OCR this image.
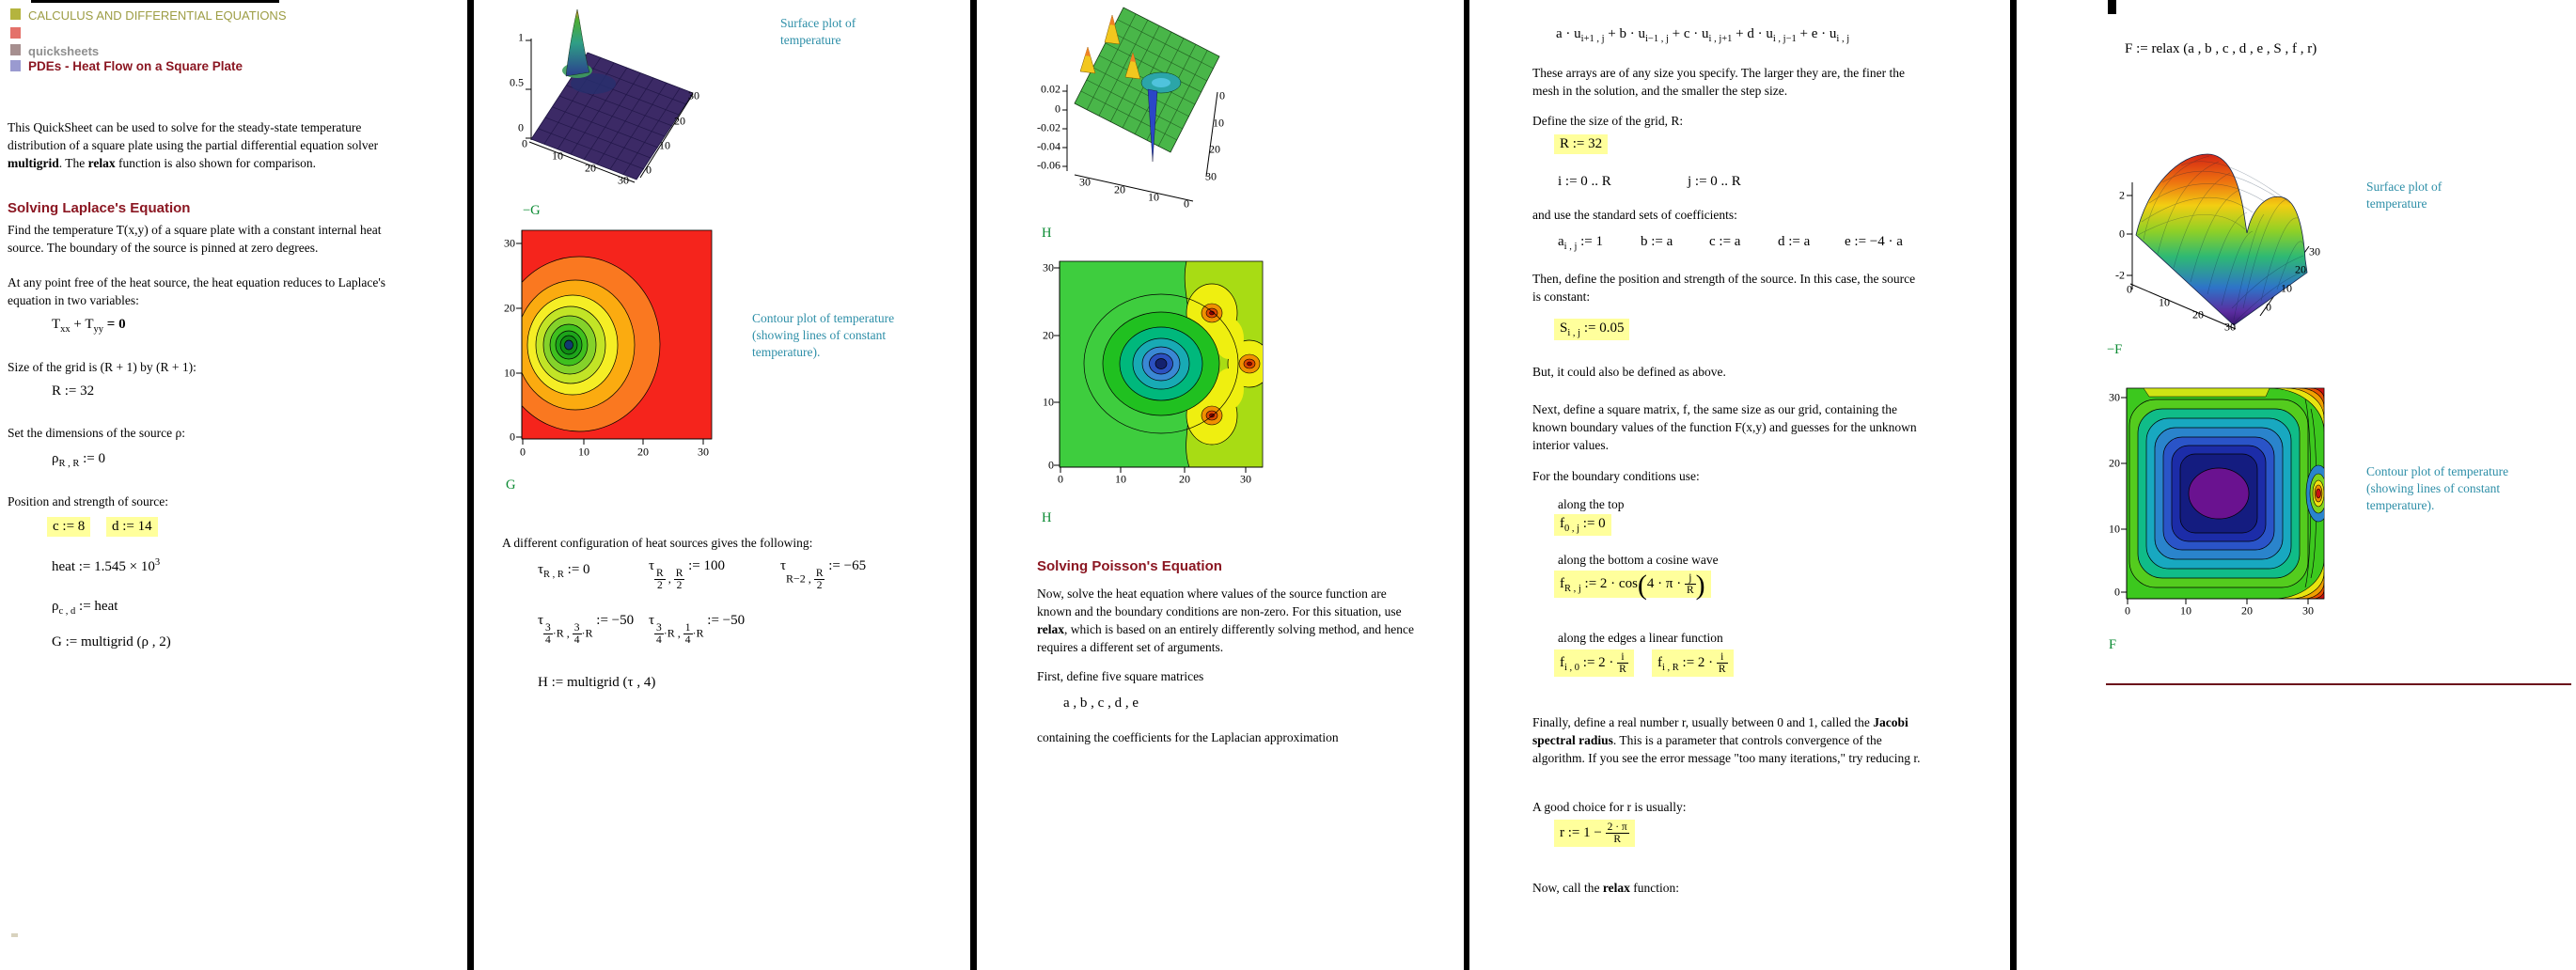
CALCULUS AND DIFFERENTIAL EQUATIONS
quicksheets
PDEs - Heat Flow on a Square Plate
This QuickSheet can be used to solve for the steady-state temperature
distribution of a square plate using the partial differential equation solver
multigrid. The relax function is also shown for comparison.
Solving Laplace's Equation
Find the temperature T(x,y) of a square plate with a constant internal heat
source. The boundary of the source is pinned at zero degrees.
At any point free of the heat source, the heat equation reduces to Laplace's
equation in two variables:
$T_{xx} + T_{yy} = 0$
Size of the grid is (R + 1) by (R + 1):
R := 32
Set the dimensions of the source ρ:
$\rho_{R , R}$ := 0
Position and strength of source:
c := 8	d := 14
heat := $1.545 \times 10^3$
$\rho_{c , d}$ := heat
G := multigrid (ρ , 2)
1
0.5
0
0
10
20
30
30
20
10
0
Surface plot of temperature
−G
30
20
10
0
0	10	20	30
Contour plot of temperature (showing lines of constant temperature).
G
A different configuration of heat sources gives the following:
$\tau_{R , R}$ := 0	τ
$\frac{R}{2}$ , $\frac{R}{2}$
:= 100	τR−2 , $\frac{R}{2}$
:= −65
τ
$\frac{3}{4} \cdot R$ , $\frac{3}{4} \cdot R$ := −50 τ
$\frac{3}{4} \cdot R$ , $\frac{1}{4} \cdot R$ := −50
H := multigrid (τ , 4)
0.02
0
-0.02
-0.04
-0.06
30
20
10 0
0
10
20
30
H
30
20
10
0
0	10	20	30
H
Solving Poisson's Equation
Now, solve the heat equation where values of the source function are
known and the boundary conditions are non-zero. For this situation, use
relax, which is based on an entirely differently solving method, and hence
requires a different set of arguments.
First, define five square matrices
a , b , c , d , e
containing the coefficients for the Laplacian approximation
$a \cdot u_{i+1 , j} + b \cdot u_{i-1 , j} + c \cdot u_{i , j+1} + d \cdot u_{i , j-1} + e \cdot u_{i , j}$
These arrays are of any size you specify. The larger they are, the finer the
mesh in the solution, and the smaller the step size.
Define the size of the grid, R:
R := 32
i := 0 .. R	j := 0 .. R
and use the standard sets of coefficients:
$a_{i , j}$ := 1	b := a	c := a	d := a e := −4 · a
Then, define the position and strength of the source. In this case, the source
is constant:
$S_{i , j}$ := 0.05
But, it could also be defined as above.
Next, define a square matrix, f, the same size as our grid, containing the
known boundary values of the function F(x,y) and guesses for the unknown
interior values.
For the boundary conditions use:
along the top
$f_{0 , j}$ := 0
along the bottom a cosine wave
$f_{R , j}$ := $2 \cdot \cos(4 \cdot \pi \cdot \frac{j}{R}$ )
along the edges a linear function
$f_{i , 0}$ := $2 \cdot \frac{i}{R}$	$f_{i , R}$ := $2 \cdot \frac{i}{R}$
Finally, define a real number r, usually between 0 and 1, called the Jacobi
spectral radius. This is a parameter that controls convergence of the
algorithm. If you see the error message "too many iterations," try reducing r.
A good choice for r is usually:
r := $1 - \frac{2 \cdot \pi}{R}$
Now, call the relax function:
F := relax (a , b , c , d , e , S , f , r)
2
0
-2
0
10
20
30
30
20
10
0
Surface plot of temperature
−F
30
20
10
0
0	10	20	30
Contour plot of temperature (showing lines of constant temperature).
F
